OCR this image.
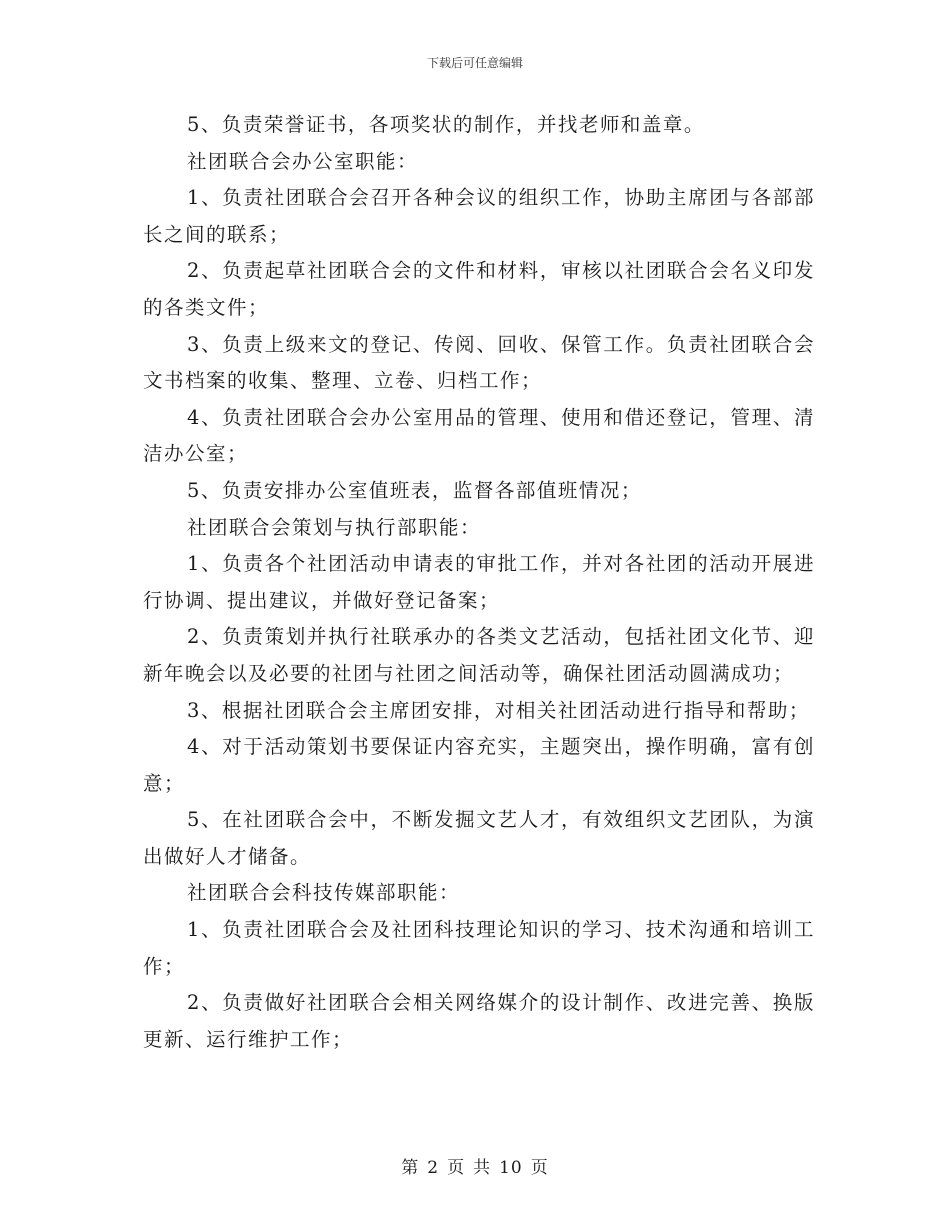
下载后可任意编辑

5、负责荣誉证书，各项奖状的制作，并找老师和盖章。

社团联合会办公室职能：

1、负责社团联合会召开各种会议的组织工作，协助主席团与各部部长之间的联系；

2、负责起草社团联合会的文件和材料，审核以社团联合会名义印发的各类文件；

3、负责上级来文的登记、传阅、回收、保管工作。负责社团联合会文书档案的收集、整理、立卷、归档工作；

4、负责社团联合会办公室用品的管理、使用和借还登记，管理、清洁办公室；

5、负责安排办公室值班表，监督各部值班情况；

社团联合会策划与执行部职能：

1、负责各个社团活动申请表的审批工作，并对各社团的活动开展进行协调、提出建议，并做好登记备案；

2、负责策划并执行社联承办的各类文艺活动，包括社团文化节、迎新年晚会以及必要的社团与社团之间活动等，确保社团活动圆满成功；

3、根据社团联合会主席团安排，对相关社团活动进行指导和帮助；

4、对于活动策划书要保证内容充实，主题突出，操作明确，富有创意；

5、在社团联合会中，不断发掘文艺人才，有效组织文艺团队，为演出做好人才储备。

社团联合会科技传媒部职能：

1、负责社团联合会及社团科技理论知识的学习、技术沟通和培训工作；

2、负责做好社团联合会相关网络媒介的设计制作、改进完善、换版更新、运行维护工作；

第 2 页 共 10 页
